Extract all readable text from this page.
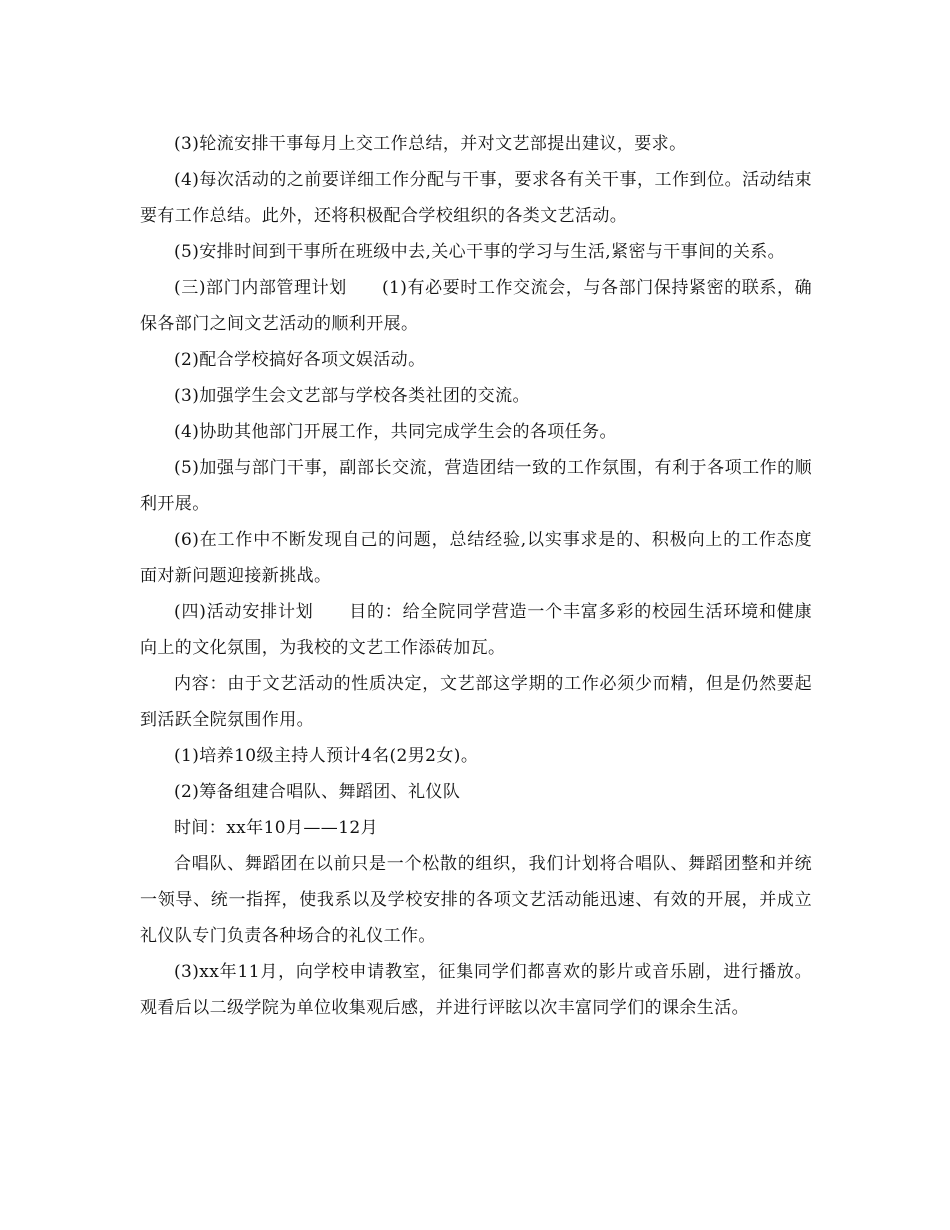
(3)轮流安排干事每月上交工作总结，并对文艺部提出建议，要求。

(4)每次活动的之前要详细工作分配与干事，要求各有关干事，工作到位。活动结束要有工作总结。此外，还将积极配合学校组织的各类文艺活动。

(5)安排时间到干事所在班级中去,关心干事的学习与生活,紧密与干事间的关系。

(三)部门内部管理计划　　(1)有必要时工作交流会，与各部门保持紧密的联系，确保各部门之间文艺活动的顺利开展。

(2)配合学校搞好各项文娱活动。

(3)加强学生会文艺部与学校各类社团的交流。

(4)协助其他部门开展工作，共同完成学生会的各项任务。

(5)加强与部门干事，副部长交流，营造团结一致的工作氛围，有利于各项工作的顺利开展。

(6)在工作中不断发现自己的问题，总结经验,以实事求是的、积极向上的工作态度面对新问题迎接新挑战。

(四)活动安排计划　　目的：给全院同学营造一个丰富多彩的校园生活环境和健康向上的文化氛围，为我校的文艺工作添砖加瓦。

内容：由于文艺活动的性质决定，文艺部这学期的工作必须少而精，但是仍然要起到活跃全院氛围作用。

(1)培养10级主持人预计4名(2男2女)。

(2)筹备组建合唱队、舞蹈团、礼仪队

时间：xx年10月——12月

合唱队、舞蹈团在以前只是一个松散的组织，我们计划将合唱队、舞蹈团整和并统一领导、统一指挥，使我系以及学校安排的各项文艺活动能迅速、有效的开展，并成立礼仪队专门负责各种场合的礼仪工作。

(3)xx年11月，向学校申请教室，征集同学们都喜欢的影片或音乐剧，进行播放。观看后以二级学院为单位收集观后感，并进行评眩以次丰富同学们的课余生活。
